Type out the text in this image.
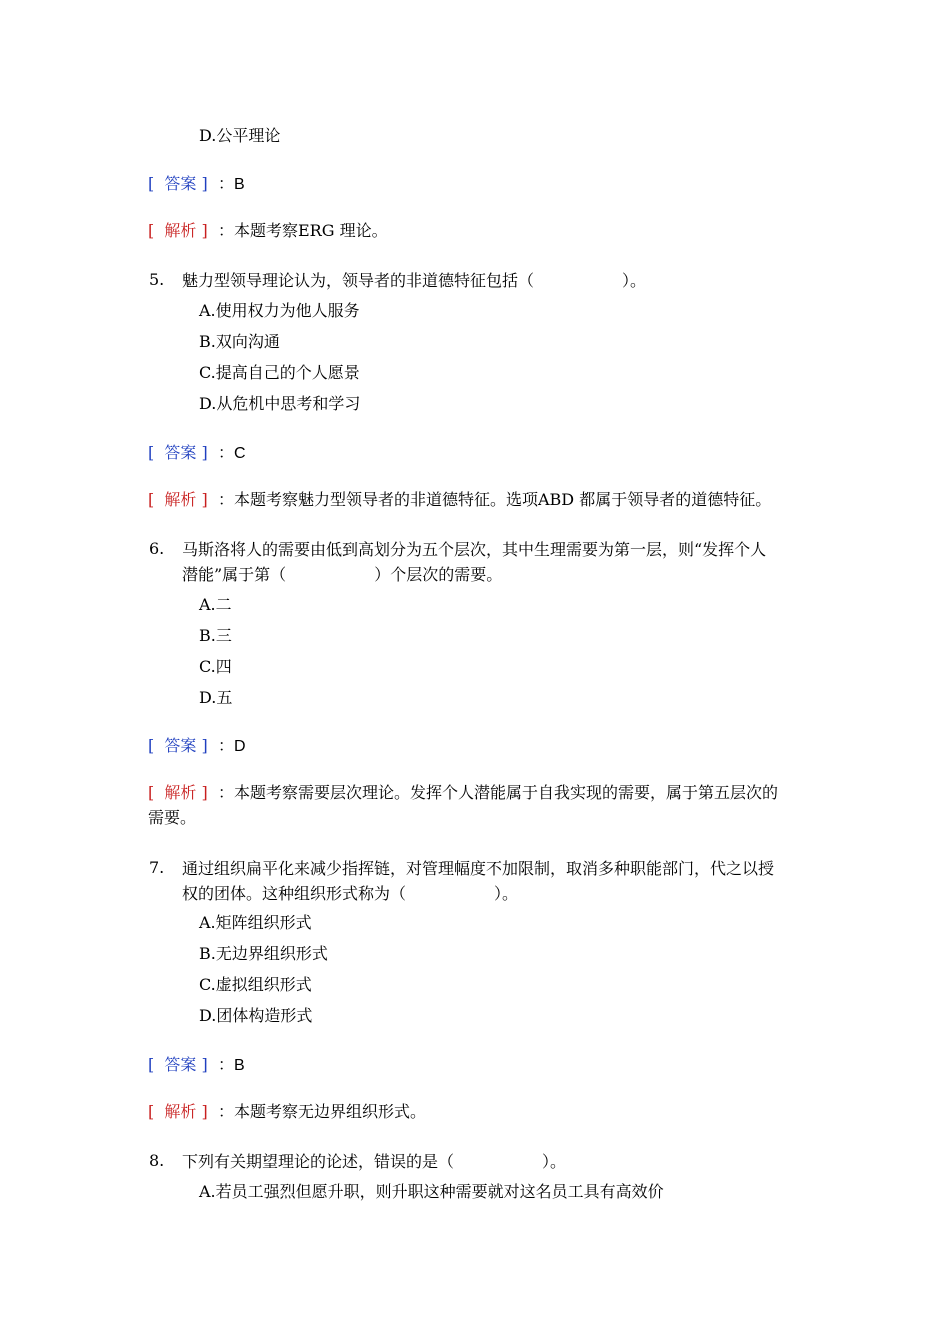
D.公平理论
[ 答案 ] ：B
[ 解析 ] ：本题考察ERG 理论。
5. 魅力型领导理论认为，领导者的非道德特征包括（	）。
A.使用权力为他人服务
B.双向沟通
C.提高自己的个人愿景
D.从危机中思考和学习
[ 答案 ] ：C
[ 解析 ] ：本题考察魅力型领导者的非道德特征。选项ABD 都属于领导者的道德特征。
6. 马斯洛将人的需要由低到高划分为五个层次，其中生理需要为第一层，则“发挥个人
潜能”属于第（	）个层次的需要。
A.二
B.三
C.四
D.五
[ 答案 ] ：D
[ 解析 ] ：本题考察需要层次理论。发挥个人潜能属于自我实现的需要，属于第五层次的
需要。
7. 通过组织扁平化来减少指挥链，对管理幅度不加限制，取消多种职能部门，代之以授
权的团体。这种组织形式称为（	）。
A.矩阵组织形式
B.无边界组织形式
C.虚拟组织形式
D.团体构造形式
[ 答案 ] ：B
[ 解析 ] ：本题考察无边界组织形式。
8. 下列有关期望理论的论述，错误的是（	）。
A.若员工强烈但愿升职，则升职这种需要就对这名员工具有高效价
